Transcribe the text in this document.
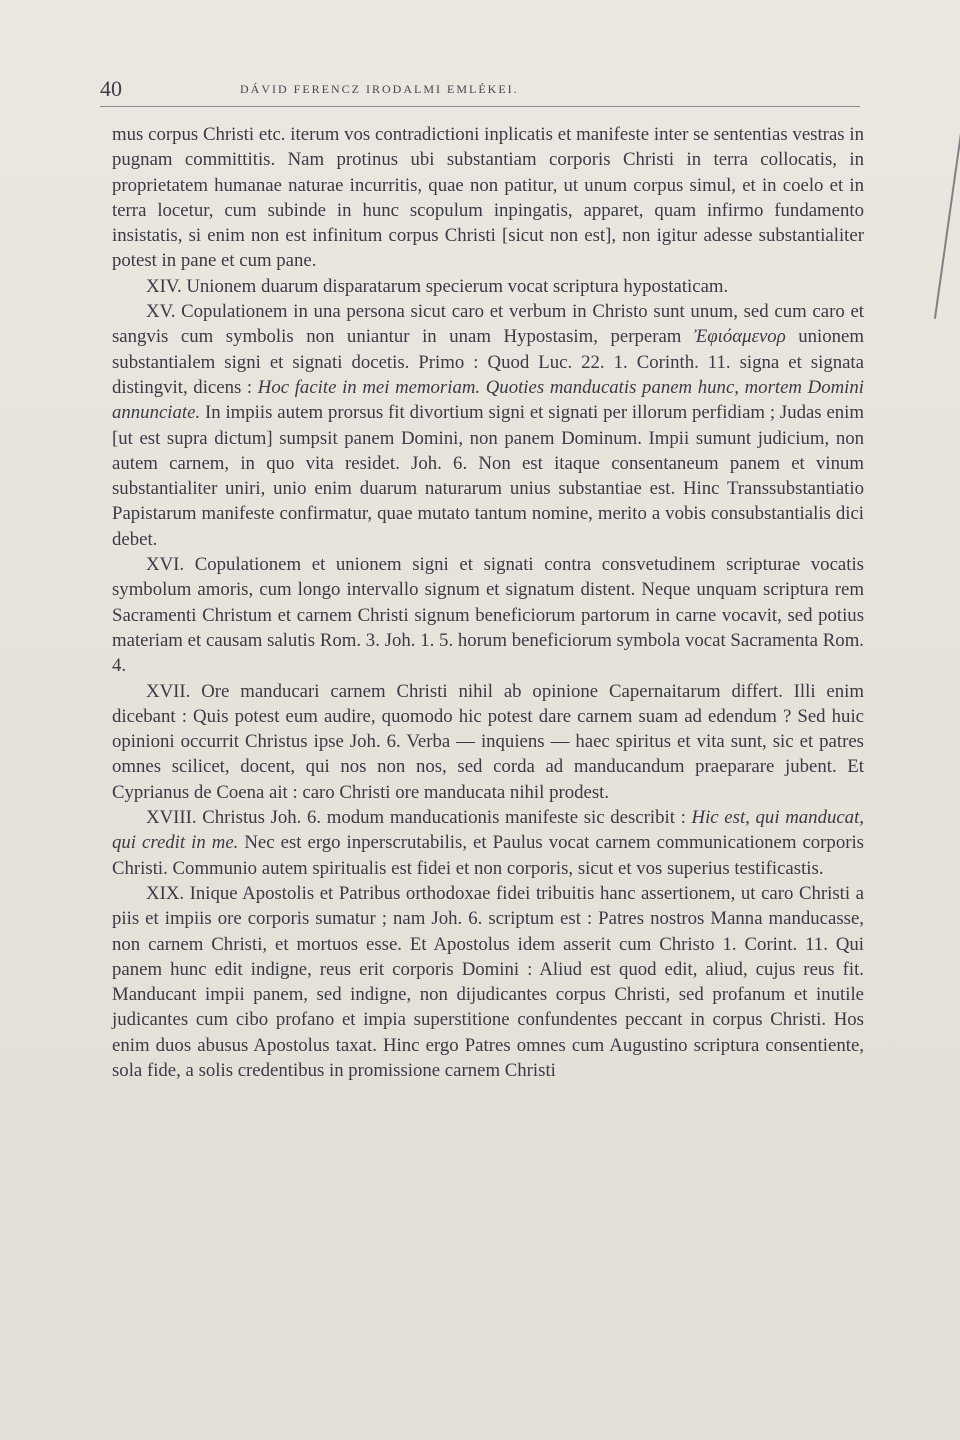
40	DÁVID FERENCZ IRODALMI EMLÉKEI.

mus corpus Christi etc. iterum vos contradictioni inplicatis et manifeste inter se sententias vestras in pugnam committitis. Nam protinus ubi substantiam corporis Christi in terra collocatis, in proprietatem humanae naturae incurritis, quae non patitur, ut unum corpus simul, et in coelo et in terra locetur, cum subinde in hunc scopulum inpingatis, apparet, quam infirmo fundamento insistatis, si enim non est infinitum corpus Christi [sicut non est], non igitur adesse substantialiter potest in pane et cum pane.

XIV. Unionem duarum disparatarum specierum vocat scriptura hypostaticam.

XV. Copulationem in una persona sicut caro et verbum in Christo sunt unum, sed cum caro et sangvis cum symbolis non uniantur in unam Hypostasim, perperam Ἐφιόαμενορ unionem substantialem signi et signati docetis. Primo : Quod Luc. 22. 1. Corinth. 11. signa et signata distingvit, dicens : Hoc facite in mei memoriam. Quoties manducatis panem hunc, mortem Domini annunciate. In impiis autem prorsus fit divortium signi et signati per illorum perfidiam ; Judas enim [ut est supra dictum] sumpsit panem Domini, non panem Dominum. Impii sumunt judicium, non autem carnem, in quo vita residet. Joh. 6. Non est itaque consentaneum panem et vinum substantialiter uniri, unio enim duarum naturarum unius substantiae est. Hinc Transsubstantiatio Papistarum manifeste confirmatur, quae mutato tantum nomine, merito a vobis consubstantialis dici debet.

XVI. Copulationem et unionem signi et signati contra consvetudinem scripturae vocatis symbolum amoris, cum longo intervallo signum et signatum distent. Neque unquam scriptura rem Sacramenti Christum et carnem Christi signum beneficiorum partorum in carne vocavit, sed potius materiam et causam salutis Rom. 3. Joh. 1. 5. horum beneficiorum symbola vocat Sacramenta Rom. 4.

XVII. Ore manducari carnem Christi nihil ab opinione Capernaitarum differt. Illi enim dicebant : Quis potest eum audire, quomodo hic potest dare carnem suam ad edendum ? Sed huic opinioni occurrit Christus ipse Joh. 6. Verba — inquiens — haec spiritus et vita sunt, sic et patres omnes scilicet, docent, qui nos non nos, sed corda ad manducandum praeparare jubent. Et Cyprianus de Coena ait : caro Christi ore manducata nihil prodest.

XVIII. Christus Joh. 6. modum manducationis manifeste sic describit : Hic est, qui manducat, qui credit in me. Nec est ergo inperscrutabilis, et Paulus vocat carnem communicationem corporis Christi. Communio autem spiritualis est fidei et non corporis, sicut et vos superius testificastis.

XIX. Inique Apostolis et Patribus orthodoxae fidei tribuitis hanc assertionem, ut caro Christi a piis et impiis ore corporis sumatur ; nam Joh. 6. scriptum est : Patres nostros Manna manducasse, non carnem Christi, et mortuos esse. Et Apostolus idem asserit cum Christo 1. Corint. 11. Qui panem hunc edit indigne, reus erit corporis Domini : Aliud est quod edit, aliud, cujus reus fit. Manducant impii panem, sed indigne, non dijudicantes corpus Christi, sed profanum et inutile judicantes cum cibo profano et impia superstitione confundentes peccant in corpus Christi. Hos enim duos abusus Apostolus taxat. Hinc ergo Patres omnes cum Augustino scriptura consentiente, sola fide, a solis credentibus in promissione carnem Christi
